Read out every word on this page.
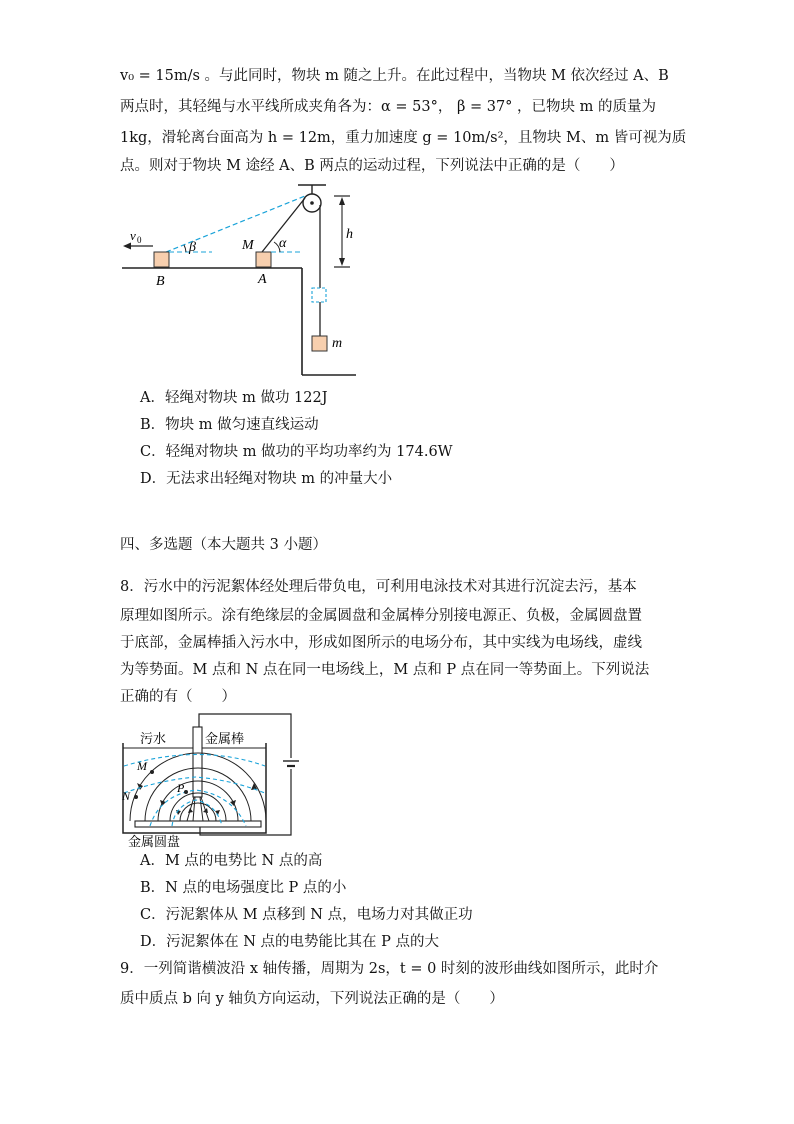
v₀ = 15m/s 。与此同时，物块 m 随之上升。在此过程中，当物块 M 依次经过 A、B
两点时，其轻绳与水平线所成夹角各为：α = 53°， β = 37° ，已物块 m 的质量为
1kg，滑轮离台面高为 h = 12m，重力加速度 g = 10m/s²，且物块 M、m 皆可视为质
点。则对于物块 M 途经 A、B 两点的运动过程，下列说法中正确的是（　　）
v 0	β	α
M
A
B
h
m
A．轻绳对物块 m 做功 122J
B．物块 m 做匀速直线运动
C．轻绳对物块 m 做功的平均功率约为 174.6W
D．无法求出轻绳对物块 m 的冲量大小
四、多选题（本大题共 3 小题）
8．污水中的污泥絮体经处理后带负电，可利用电泳技术对其进行沉淀去污，基本
原理如图所示。涂有绝缘层的金属圆盘和金属棒分别接电源正、负极，金属圆盘置
于底部，金属棒插入污水中，形成如图所示的电场分布，其中实线为电场线，虚线
为等势面。M 点和 N 点在同一电场线上，M 点和 P 点在同一等势面上。下列说法
正确的有（　　）
污水	金属棒
金属圆盘
M
N
P
A．M 点的电势比 N 点的高
B．N 点的电场强度比 P 点的小
C．污泥絮体从 M 点移到 N 点，电场力对其做正功
D．污泥絮体在 N 点的电势能比其在 P 点的大
9．一列简谐横波沿 x 轴传播，周期为 2s，t = 0 时刻的波形曲线如图所示，此时介
质中质点 b 向 y 轴负方向运动，下列说法正确的是（　　）
